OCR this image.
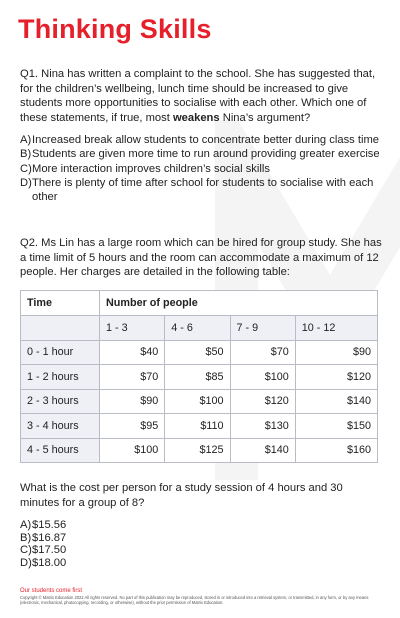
Thinking Skills
Q1. Nina has written a complaint to the school. She has suggested that, for the children’s wellbeing, lunch time should be increased to give students more opportunities to socialise with each other. Which one of these statements, if true, most weakens Nina’s argument?
A) Increased break allow students to concentrate better during class time
B) Students are given more time to run around providing greater exercise
C) More interaction improves children’s social skills
D) There is plenty of time after school for students to socialise with each other
Q2. Ms Lin has a large room which can be hired for group study. She has a time limit of 5 hours and the room can accommodate a maximum of 12 people. Her charges are detailed in the following table:
Time	Number of people			
	1 - 3	4 - 6	7 - 9	10 - 12
0 - 1 hour	$40	$50	$70	$90
1 - 2 hours	$70	$85	$100	$120
2 - 3 hours	$90	$100	$120	$140
3 - 4 hours	$95	$110	$130	$150
4 - 5 hours	$100	$125	$140	$160
What is the cost per person for a study session of 4 hours and 30 minutes for a group of 8?
A) $15.56
B) $16.87
C) $17.50
D) $18.00
Our students come first
Copyright © Matrix Education 2022 All rights reserved. No part of this publication may be reproduced, stored in or introduced into a retrieval system, or transmitted, in any form, or by any means (electronic, mechanical, photocopying, recording, or otherwise), without the prior permission of Matrix Education.
